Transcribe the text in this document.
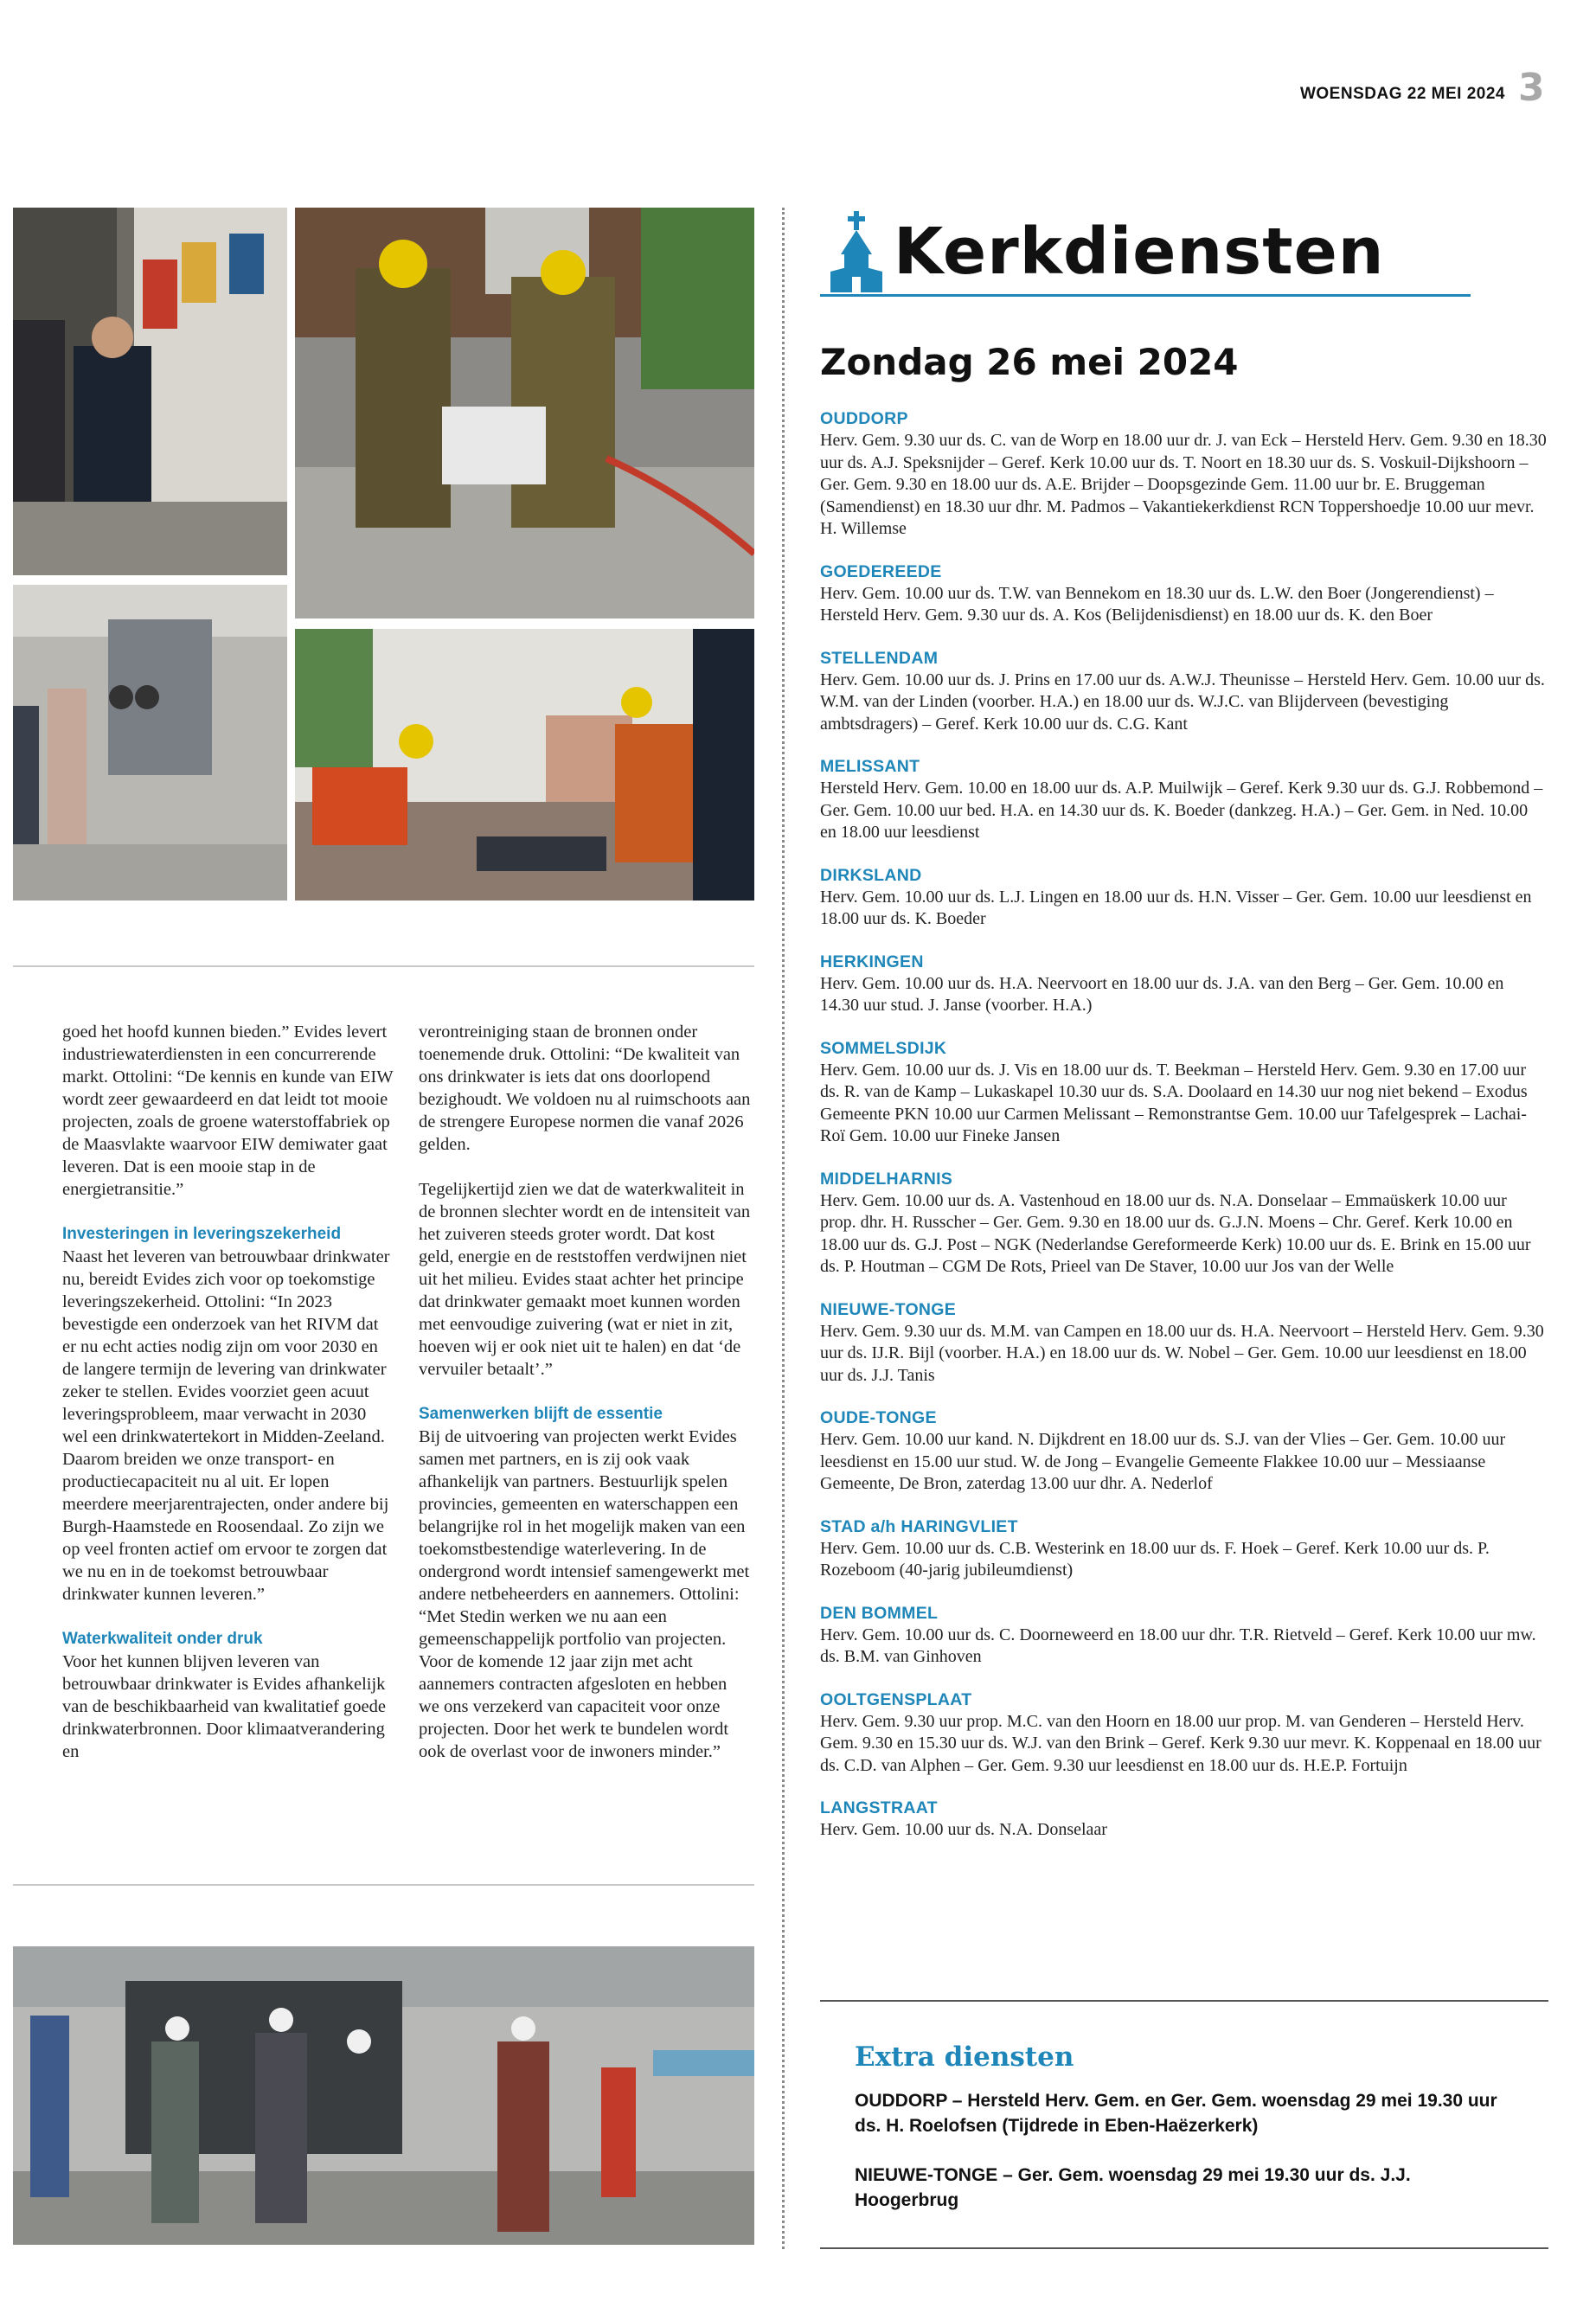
WOENSDAG 22 MEI 2024 3

goed het hoofd kunnen bieden.” Evides levert industriewaterdiensten in een concurrerende markt. Ottolini: “De kennis en kunde van EIW wordt zeer gewaardeerd en dat leidt tot mooie projecten, zoals de groene waterstoffabriek op de Maasvlakte waarvoor EIW demiwater gaat leveren. Dat is een mooie stap in de energietransitie.”

Investeringen in leveringszekerheid

Naast het leveren van betrouwbaar drinkwater nu, bereidt Evides zich voor op toekomstige leveringszekerheid. Ottolini: “In 2023 bevestigde een onderzoek van het RIVM dat er nu echt acties nodig zijn om voor 2030 en de langere termijn de levering van drinkwater zeker te stellen. Evides voorziet geen acuut leveringsprobleem, maar verwacht in 2030 wel een drinkwatertekort in Midden-Zeeland. Daarom breiden we onze transport- en productiecapaciteit nu al uit. Er lopen meerdere meerjarentrajecten, onder andere bij Burgh-Haamstede en Roosendaal. Zo zijn we op veel fronten actief om ervoor te zorgen dat we nu en in de toekomst betrouwbaar drinkwater kunnen leveren.”

Waterkwaliteit onder druk

Voor het kunnen blijven leveren van betrouwbaar drinkwater is Evides afhankelijk van de beschikbaarheid van kwalitatief goede drinkwaterbronnen. Door klimaatverandering en

verontreiniging staan de bronnen onder toenemende druk. Ottolini: “De kwaliteit van ons drinkwater is iets dat ons doorlopend bezighoudt. We voldoen nu al ruimschoots aan de strengere Europese normen die vanaf 2026 gelden.

Tegelijkertijd zien we dat de waterkwaliteit in de bronnen slechter wordt en de intensiteit van het zuiveren steeds groter wordt. Dat kost geld, energie en de reststoffen verdwijnen niet uit het milieu. Evides staat achter het principe dat drinkwater gemaakt moet kunnen worden met eenvoudige zuivering (wat er niet in zit, hoeven wij er ook niet uit te halen) en dat ‘de vervuiler betaalt’.”

Samenwerken blijft de essentie

Bij de uitvoering van projecten werkt Evides samen met partners, en is zij ook vaak afhankelijk van partners. Bestuurlijk spelen provincies, gemeenten en waterschappen een belangrijke rol in het mogelijk maken van een toekomstbestendige waterlevering. In de ondergrond wordt intensief samengewerkt met andere netbeheerders en aannemers. Ottolini: “Met Stedin werken we nu aan een gemeenschappelijk portfolio van projecten. Voor de komende 12 jaar zijn met acht aannemers contracten afgesloten en hebben we ons verzekerd van capaciteit voor onze projecten. Door het werk te bundelen wordt ook de overlast voor de inwoners minder.”

Kerkdiensten
Zondag 26 mei 2024
OUDDORP
Herv. Gem. 9.30 uur ds. C. van de Worp en 18.00 uur dr. J. van Eck – Hersteld Herv. Gem. 9.30 en 18.30 uur ds. A.J. Speksnijder – Geref. Kerk 10.00 uur ds. T. Noort en 18.30 uur ds. S. Voskuil-Dijkshoorn – Ger. Gem. 9.30 en 18.00 uur ds. A.E. Brijder – Doopsgezinde Gem. 11.00 uur br. E. Bruggeman (Samendienst) en 18.30 uur dhr. M. Padmos – Vakantiekerkdienst RCN Toppershoedje 10.00 uur mevr. H. Willemse
GOEDEREEDE
Herv. Gem. 10.00 uur ds. T.W. van Bennekom en 18.30 uur ds. L.W. den Boer (Jongerendienst) – Hersteld Herv. Gem. 9.30 uur ds. A. Kos (Belijdenisdienst) en 18.00 uur ds. K. den Boer
STELLENDAM
Herv. Gem. 10.00 uur ds. J. Prins en 17.00 uur ds. A.W.J. Theunisse – Hersteld Herv. Gem. 10.00 uur ds. W.M. van der Linden (voorber. H.A.) en 18.00 uur ds. W.J.C. van Blijderveen (bevestiging ambtsdragers) – Geref. Kerk 10.00 uur ds. C.G. Kant
MELISSANT
Hersteld Herv. Gem. 10.00 en 18.00 uur ds. A.P. Muilwijk – Geref. Kerk 9.30 uur ds. G.J. Robbemond – Ger. Gem. 10.00 uur bed. H.A. en 14.30 uur ds. K. Boeder (dankzeg. H.A.) – Ger. Gem. in Ned. 10.00 en 18.00 uur leesdienst
DIRKSLAND
Herv. Gem. 10.00 uur ds. L.J. Lingen en 18.00 uur ds. H.N. Visser – Ger. Gem. 10.00 uur leesdienst en 18.00 uur ds. K. Boeder
HERKINGEN
Herv. Gem. 10.00 uur ds. H.A. Neervoort en 18.00 uur ds. J.A. van den Berg – Ger. Gem. 10.00 en 14.30 uur stud. J. Janse (voorber. H.A.)
SOMMELSDIJK
Herv. Gem. 10.00 uur ds. J. Vis en 18.00 uur ds. T. Beekman – Hersteld Herv. Gem. 9.30 en 17.00 uur ds. R. van de Kamp – Lukaskapel 10.30 uur ds. S.A. Doolaard en 14.30 uur nog niet bekend – Exodus Gemeente PKN 10.00 uur Carmen Melissant – Remonstrantse Gem. 10.00 uur Tafelgesprek – Lachai-Roï Gem. 10.00 uur Fineke Jansen
MIDDELHARNIS
Herv. Gem. 10.00 uur ds. A. Vastenhoud en 18.00 uur ds. N.A. Donselaar – Emmaüskerk 10.00 uur prop. dhr. H. Russcher – Ger. Gem. 9.30 en 18.00 uur ds. G.J.N. Moens – Chr. Geref. Kerk 10.00 en 18.00 uur ds. G.J. Post – NGK (Nederlandse Gereformeerde Kerk) 10.00 uur ds. E. Brink en 15.00 uur ds. P. Houtman – CGM De Rots, Prieel van De Staver, 10.00 uur Jos van der Welle
NIEUWE-TONGE
Herv. Gem. 9.30 uur ds. M.M. van Campen en 18.00 uur ds. H.A. Neervoort – Hersteld Herv. Gem. 9.30 uur ds. IJ.R. Bijl (voorber. H.A.) en 18.00 uur ds. W. Nobel – Ger. Gem. 10.00 uur leesdienst en 18.00 uur ds. J.J. Tanis
OUDE-TONGE
Herv. Gem. 10.00 uur kand. N. Dijkdrent en 18.00 uur ds. S.J. van der Vlies – Ger. Gem. 10.00 uur leesdienst en 15.00 uur stud. W. de Jong – Evangelie Gemeente Flakkee 10.00 uur – Messiaanse Gemeente, De Bron, zaterdag 13.00 uur dhr. A. Nederlof
STAD a/h HARINGVLIET
Herv. Gem. 10.00 uur ds. C.B. Westerink en 18.00 uur ds. F. Hoek – Geref. Kerk 10.00 uur ds. P. Rozeboom (40-jarig jubileumdienst)
DEN BOMMEL
Herv. Gem. 10.00 uur ds. C. Doorneweerd en 18.00 uur dhr. T.R. Rietveld – Geref. Kerk 10.00 uur mw. ds. B.M. van Ginhoven
OOLTGENSPLAAT
Herv. Gem. 9.30 uur prop. M.C. van den Hoorn en 18.00 uur prop. M. van Genderen – Hersteld Herv. Gem. 9.30 en 15.30 uur ds. W.J. van den Brink – Geref. Kerk 9.30 uur mevr. K. Koppenaal en 18.00 uur ds. C.D. van Alphen – Ger. Gem. 9.30 uur leesdienst en 18.00 uur ds. H.E.P. Fortuijn
LANGSTRAAT
Herv. Gem. 10.00 uur ds. N.A. Donselaar
Extra diensten
OUDDORP – Hersteld Herv. Gem. en Ger. Gem. woensdag 29 mei 19.30 uur ds. H. Roelofsen (Tijdrede in Eben-Haëzerkerk)
NIEUWE-TONGE – Ger. Gem. woensdag 29 mei 19.30 uur ds. J.J. Hoogerbrug
